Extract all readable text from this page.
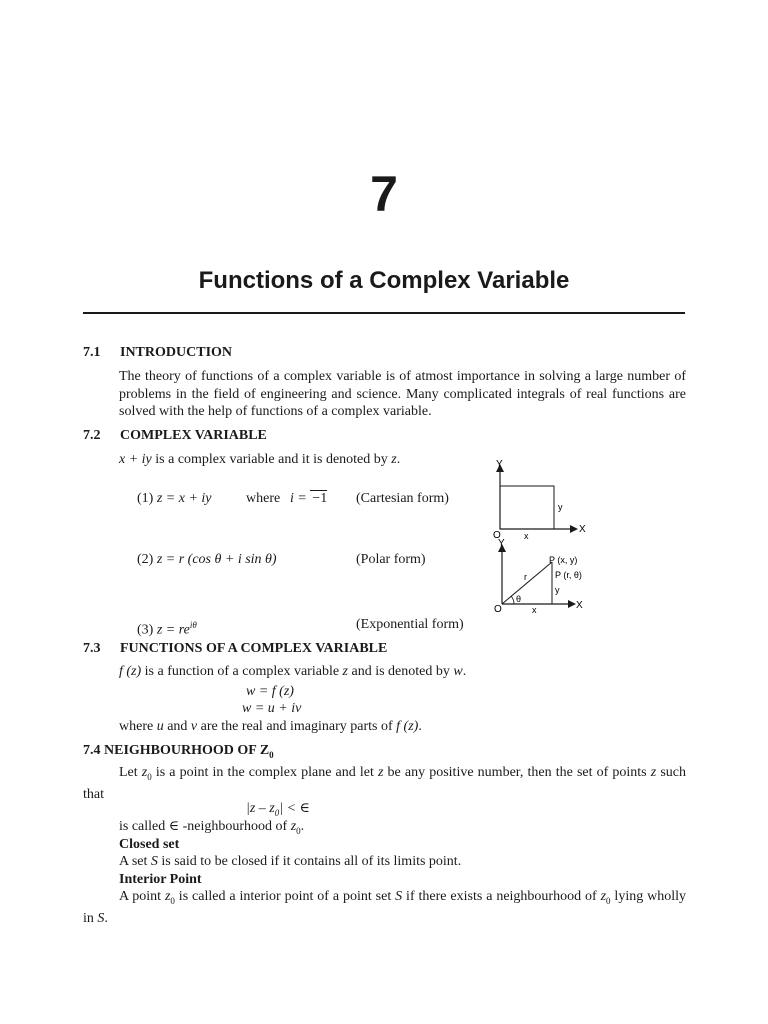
7
Functions of a Complex Variable
7.1 INTRODUCTION
The theory of functions of a complex variable is of atmost importance in solving a large number of problems in the field of engineering and science. Many complicated integrals of real functions are solved with the help of functions of a complex variable.
7.2 COMPLEX VARIABLE
x + iy is a complex variable and it is denoted by z.
(1) z = x + iy where i = −1 (Cartesian form)
(2) z = r (cos θ + i sin θ)	(Polar form)
(3) $z = re^{i\theta}$	(Exponential form)
Y
X
O	x
y
Y
X
O
P (x, y)
P (r, θ)
r
θ
x
y
7.3 FUNCTIONS OF A COMPLEX VARIABLE
f (z) is a function of a complex variable z and is denoted by w.
w = f (z)
w = u + iv
where u and v are the real and imaginary parts of f (z).
7.4 NEIGHBOURHOOD OF $Z_0$
Let $z_0$ is a point in the complex plane and let z be any positive number, then the set of points z such that
$|z - z_0|$ < ∈
is called ∈ -neighbourhood of $z_0$.
Closed set
A set S is said to be closed if it contains all of its limits point.
Interior Point
A point $z_0$ is called a interior point of a point set S if there exists a neighbourhood of $z_0$ lying wholly in S.
